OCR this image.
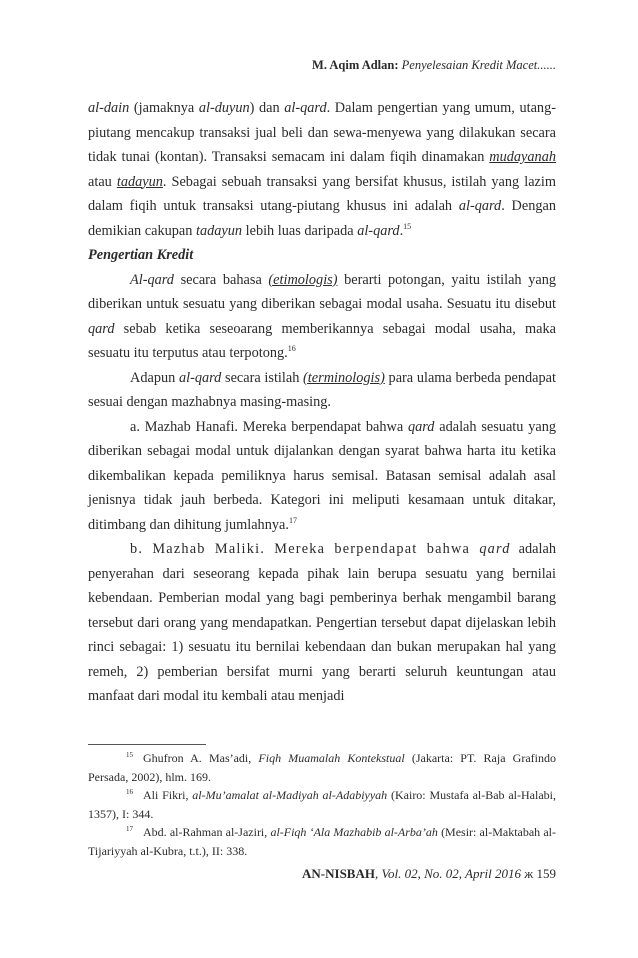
M. Aqim Adlan: Penyelesaian Kredit Macet......

al-dain (jamaknya al-duyun) dan al-qard. Dalam pengertian yang umum, utang-piutang mencakup transaksi jual beli dan sewa-menyewa yang dilakukan secara tidak tunai (kontan). Transaksi semacam ini dalam fiqih dinamakan mudayanah atau tadayun. Sebagai sebuah transaksi yang bersifat khusus, istilah yang lazim dalam fiqih untuk transaksi utang-piutang khusus ini adalah al-qard. Dengan demikian cakupan tadayun lebih luas daripada al-qard.$^{15}$

Pengertian Kredit

Al-qard secara bahasa (etimologis) berarti potongan, yaitu istilah yang diberikan untuk sesuatu yang diberikan sebagai modal usaha. Sesuatu itu disebut qard sebab ketika seseoarang memberikannya sebagai modal usaha, maka sesuatu itu terputus atau terpotong.$^{16}$

Adapun al-qard secara istilah (terminologis) para ulama berbeda pendapat sesuai dengan mazhabnya masing-masing.

a. Mazhab Hanafi. Mereka berpendapat bahwa qard adalah sesuatu yang diberikan sebagai modal untuk dijalankan dengan syarat bahwa harta itu ketika dikembalikan kepada pemiliknya harus semisal. Batasan semisal adalah asal jenisnya tidak jauh berbeda. Kategori ini meliputi kesamaan untuk ditakar, ditimbang dan dihitung jumlahnya.$^{17}$

b. Mazhab Maliki. Mereka berpendapat bahwa qard adalah penyerahan dari seseorang kepada pihak lain berupa sesuatu yang bernilai kebendaan. Pemberian modal yang bagi pemberinya berhak mengambil barang tersebut dari orang yang mendapatkan. Pengertian tersebut dapat dijelaskan lebih rinci sebagai: 1) sesuatu itu bernilai kebendaan dan bukan merupakan hal yang remeh, 2) pemberian bersifat murni yang berarti seluruh keuntungan atau manfaat dari modal itu kembali atau menjadi

$^{15}$ Ghufron A. Mas’adi, Fiqh Muamalah Kontekstual (Jakarta: PT. Raja Grafindo Persada, 2002), hlm. 169.

$^{16}$ Ali Fikri, al-Mu’amalat al-Madiyah al-Adabiyyah (Kairo: Mustafa al-Bab al-Halabi, 1357), I: 344.

$^{17}$ Abd. al-Rahman al-Jaziri, al-Fiqh ‘Ala Mazhabib al-Arba’ah (Mesir: al-Maktabah al-Tijariyyah al-Kubra, t.t.), II: 338.

AN-NISBAH, Vol. 02, No. 02, April 2016 ж 159
